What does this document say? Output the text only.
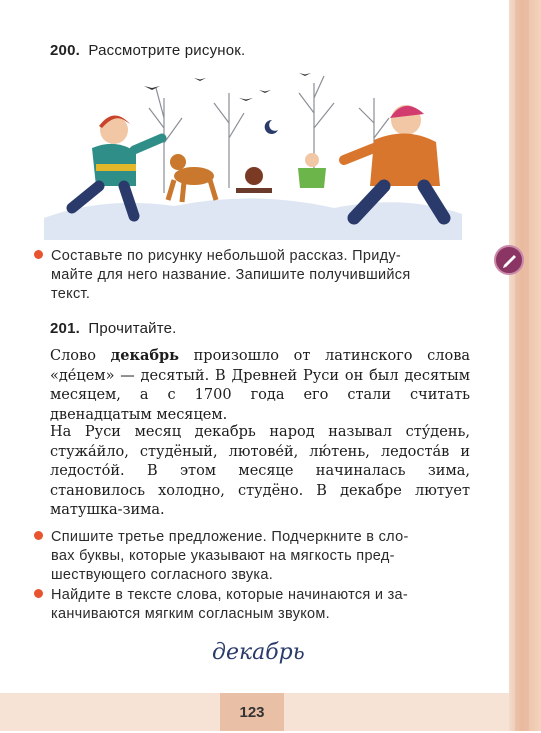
123
200. Рассмотрите рисунок.
Составьте по рисунку небольшой рассказ. Приду-
майте для него название. Запишите получившийся
текст.
201. Прочитайте.
Слово декабрь произошло от латинского слова «де́цем» — десятый. В Древней Руси он был десятым месяцем, а с 1700 года его стали считать двенадцатым месяцем.
На Руси месяц декабрь народ называл сту́день, стужа́йло, студёный, лютове́й, лю́тень, ледоста́в и ледосто́й. В этом месяце начиналась зима, становилось холодно, студёно. В декабре лютует матушка-зима.
Спишите третье предложение. Подчеркните в сло-
вах буквы, которые указывают на мягкость пред-
шествующего согласного звука.
Найдите в тексте слова, которые начинаются и за-
канчиваются мягким согласным звуком.
декабрь
